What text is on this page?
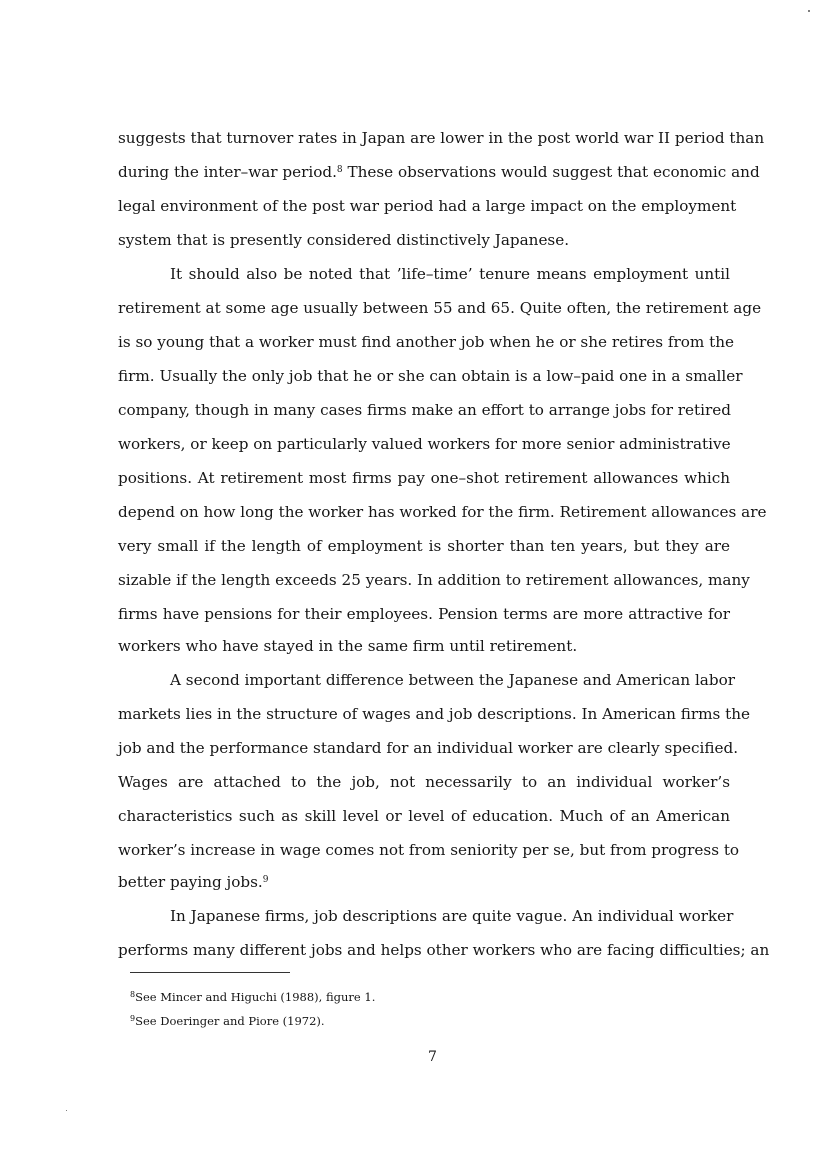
suggests that turnover rates in Japan are lower in the post world war II period than
during the inter–war period.$^8$ These observations would suggest that economic and
legal environment of the post war period had a large impact on the employment
system that is presently considered distinctively Japanese.
It should also be noted that ’life–time’ tenure means employment until
retirement at some age usually between 55 and 65. Quite often, the retirement age
is so young that a worker must find another job when he or she retires from the
firm. Usually the only job that he or she can obtain is a low–paid one in a smaller
company, though in many cases firms make an effort to arrange jobs for retired
workers, or keep on particularly valued workers for more senior administrative
positions. At retirement most firms pay one–shot retirement allowances which
depend on how long the worker has worked for the firm. Retirement allowances are
very small if the length of employment is shorter than ten years, but they are
sizable if the length exceeds 25 years. In addition to retirement allowances, many
firms have pensions for their employees. Pension terms are more attractive for
workers who have stayed in the same firm until retirement.
A second important difference between the Japanese and American labor
markets lies in the structure of wages and job descriptions. In American firms the
job and the performance standard for an individual worker are clearly specified.
Wages are attached to the job, not necessarily to an individual worker’s
characteristics such as skill level or level of education. Much of an American
worker’s increase in wage comes not from seniority per se, but from progress to
better paying jobs.$^9$
In Japanese firms, job descriptions are quite vague. An individual worker
performs many different jobs and helps other workers who are facing difficulties; an
$^8$See Mincer and Higuchi (1988), figure 1.
$^9$See Doeringer and Piore (1972).
7
